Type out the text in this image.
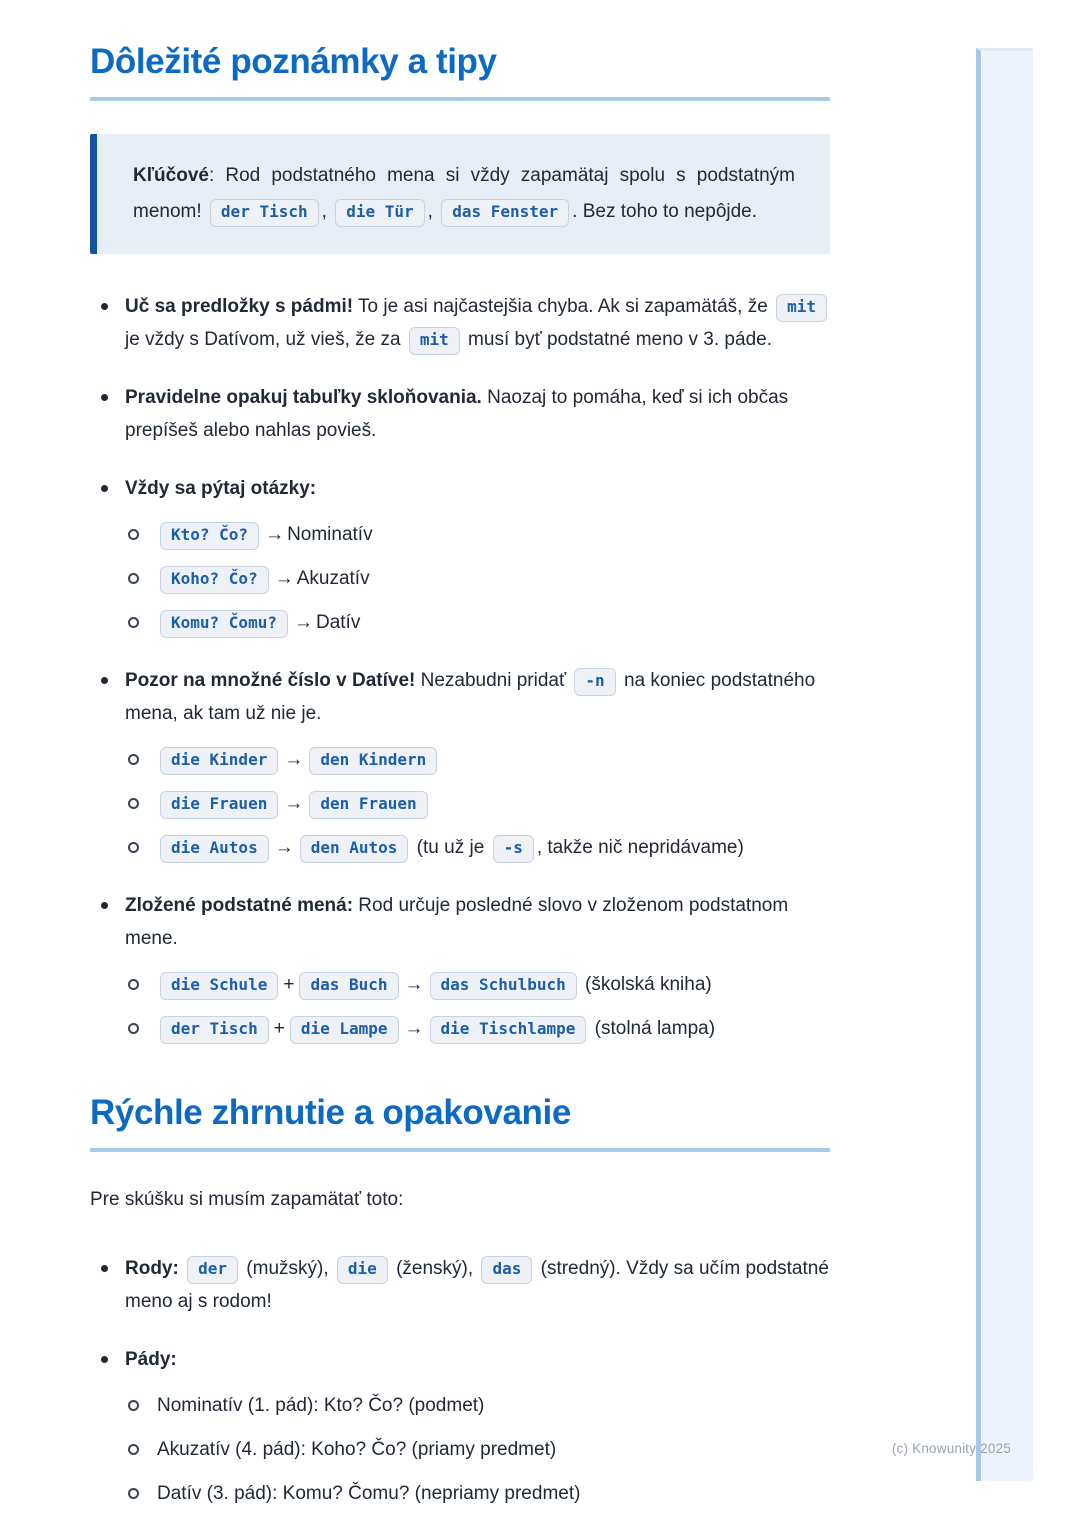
Dôležité poznámky a tipy
Kľúčové: Rod podstatného mena si vždy zapamätaj spolu s podstatným menom! der Tisch , die Tür , das Fenster . Bez toho to nepôjde.
Uč sa predložky s pádmi! To je asi najčastejšia chyba. Ak si zapamätáš, že mit je vždy s Datívom, už vieš, že za mit musí byť podstatné meno v 3. páde.
Pravidelne opakuj tabuľky skloňovania. Naozaj to pomáha, keď si ich občas prepíšeš alebo nahlas povieš.
Vždy sa pýtaj otázky:
Kto? Čo? → Nominatív
Koho? Čo? → Akuzatív
Komu? Čomu? → Datív
Pozor na množné číslo v Datíve! Nezabudni pridať -n na koniec podstatného mena, ak tam už nie je.
die Kinder → den Kindern
die Frauen → den Frauen
die Autos → den Autos (tu už je -s , takže nič nepridávame)
Zložené podstatné mená: Rod určuje posledné slovo v zloženom podstatnom mene.
die Schule + das Buch → das Schulbuch (školská kniha)
der Tisch + die Lampe → die Tischlampe (stolná lampa)
Rýchle zhrnutie a opakovanie

Pre skúšku si musím zapamätať toto:

Rody: der (mužský), die (ženský), das (stredný). Vždy sa učím podstatné meno aj s rodom!
Pády:
Nominatív (1. pád): Kto? Čo? (podmet)
Akuzatív (4. pád): Koho? Čo? (priamy predmet)
Datív (3. pád): Komu? Čomu? (nepriamy predmet)
(c) Knowunity 2025
